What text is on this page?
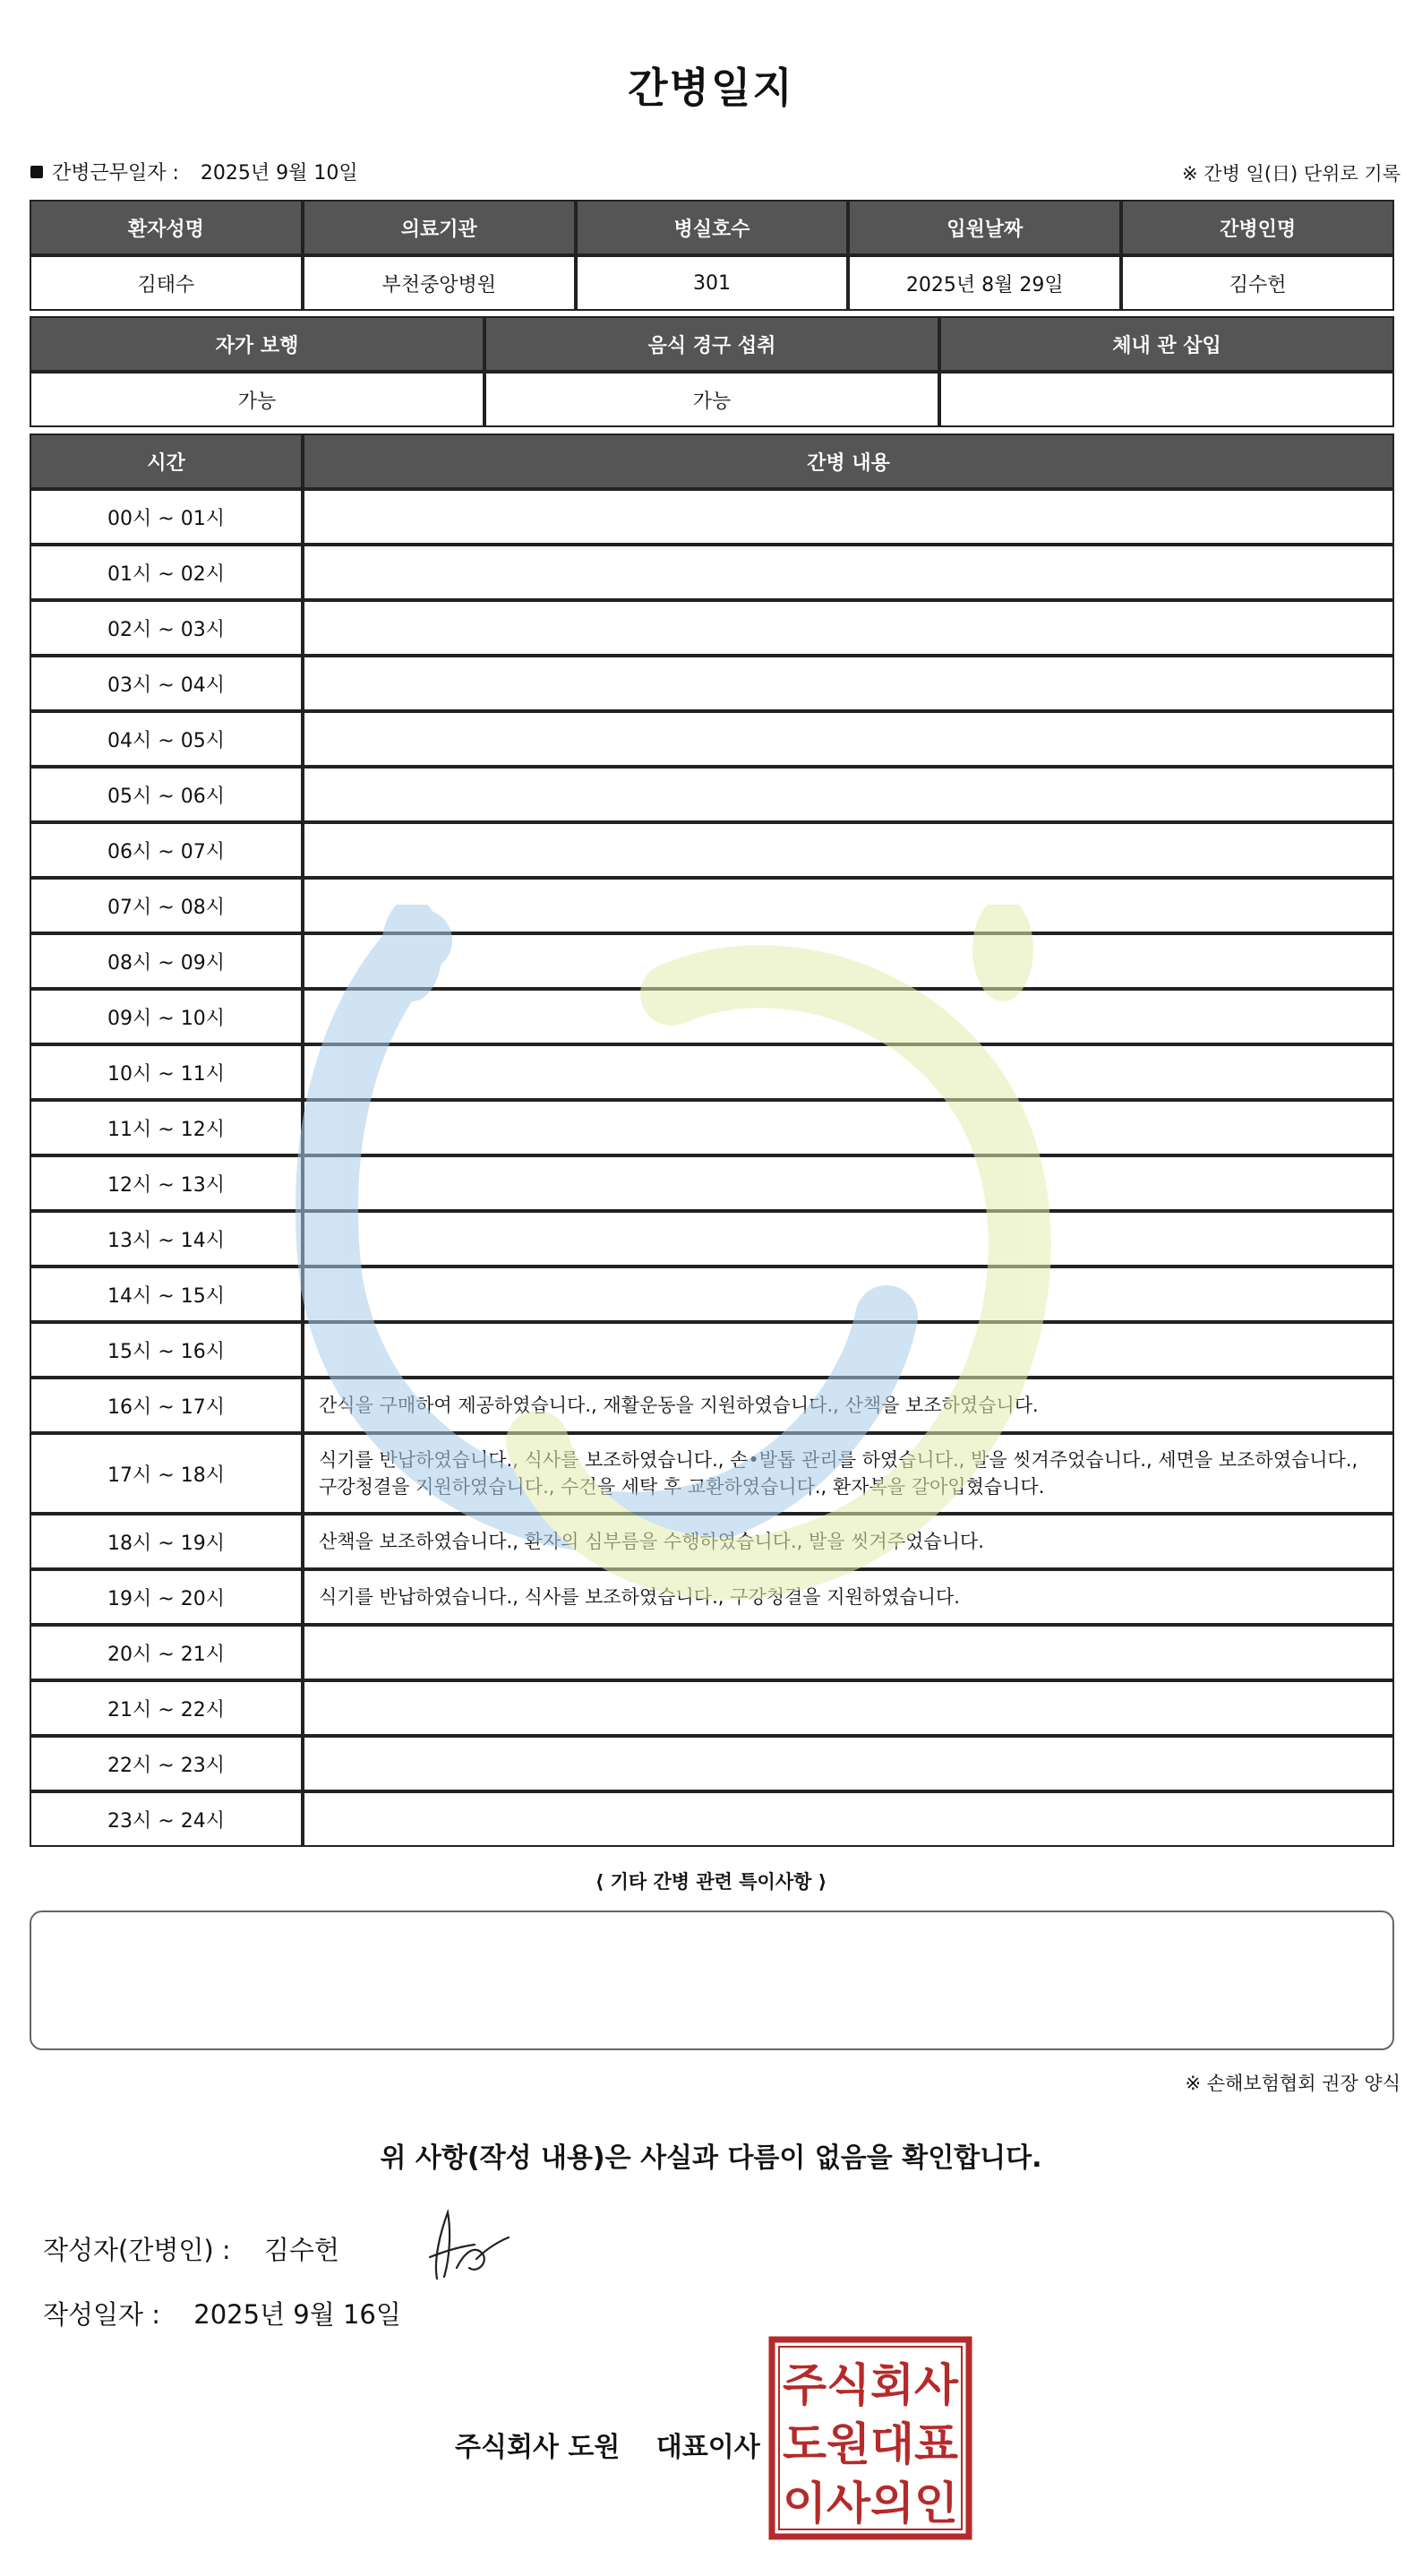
간병일지
간병근무일자 : 2025년 9월 10일	※ 간병 일(日) 단위로 기록
환자성명	의료기관	병실호수	입원날짜	간병인명
김태수	부천중앙병원	301	2025년 8월 29일	김수헌
자가 보행	음식 경구 섭취	체내 관 삽입
가능	가능	
시간	간병 내용
00시 ~ 01시	
01시 ~ 02시	
02시 ~ 03시	
03시 ~ 04시	
04시 ~ 05시	
05시 ~ 06시	
06시 ~ 07시	
07시 ~ 08시	
08시 ~ 09시	
09시 ~ 10시	
10시 ~ 11시	
11시 ~ 12시	
12시 ~ 13시	
13시 ~ 14시	
14시 ~ 15시	
15시 ~ 16시	
16시 ~ 17시	간식을 구매하여 제공하였습니다., 재활운동을 지원하였습니다., 산책을 보조하였습니다.
17시 ~ 18시	식기를 반납하였습니다., 식사를 보조하였습니다., 손•발톱 관리를 하였습니다., 발을 씻겨주었습니다., 세면을 보조하였습니다., 구강청결을 지원하였습니다., 수건을 세탁 후 교환하였습니다., 환자복을 갈아입혔습니다.
18시 ~ 19시	산책을 보조하였습니다., 환자의 심부름을 수행하였습니다., 발을 씻겨주었습니다.
19시 ~ 20시	식기를 반납하였습니다., 식사를 보조하였습니다., 구강청결을 지원하였습니다.
20시 ~ 21시	
21시 ~ 22시	
22시 ~ 23시	
23시 ~ 24시	
⟨ 기타 간병 관련 특이사항 ⟩
※ 손해보험협회 권장 양식
위 사항(작성 내용)은 사실과 다름이 없음을 확인합니다.
작성자(간병인) : 김수헌
작성일자 : 2025년 9월 16일
주식회사 도원 대표이사
주식회사
도원대표
이사의인
